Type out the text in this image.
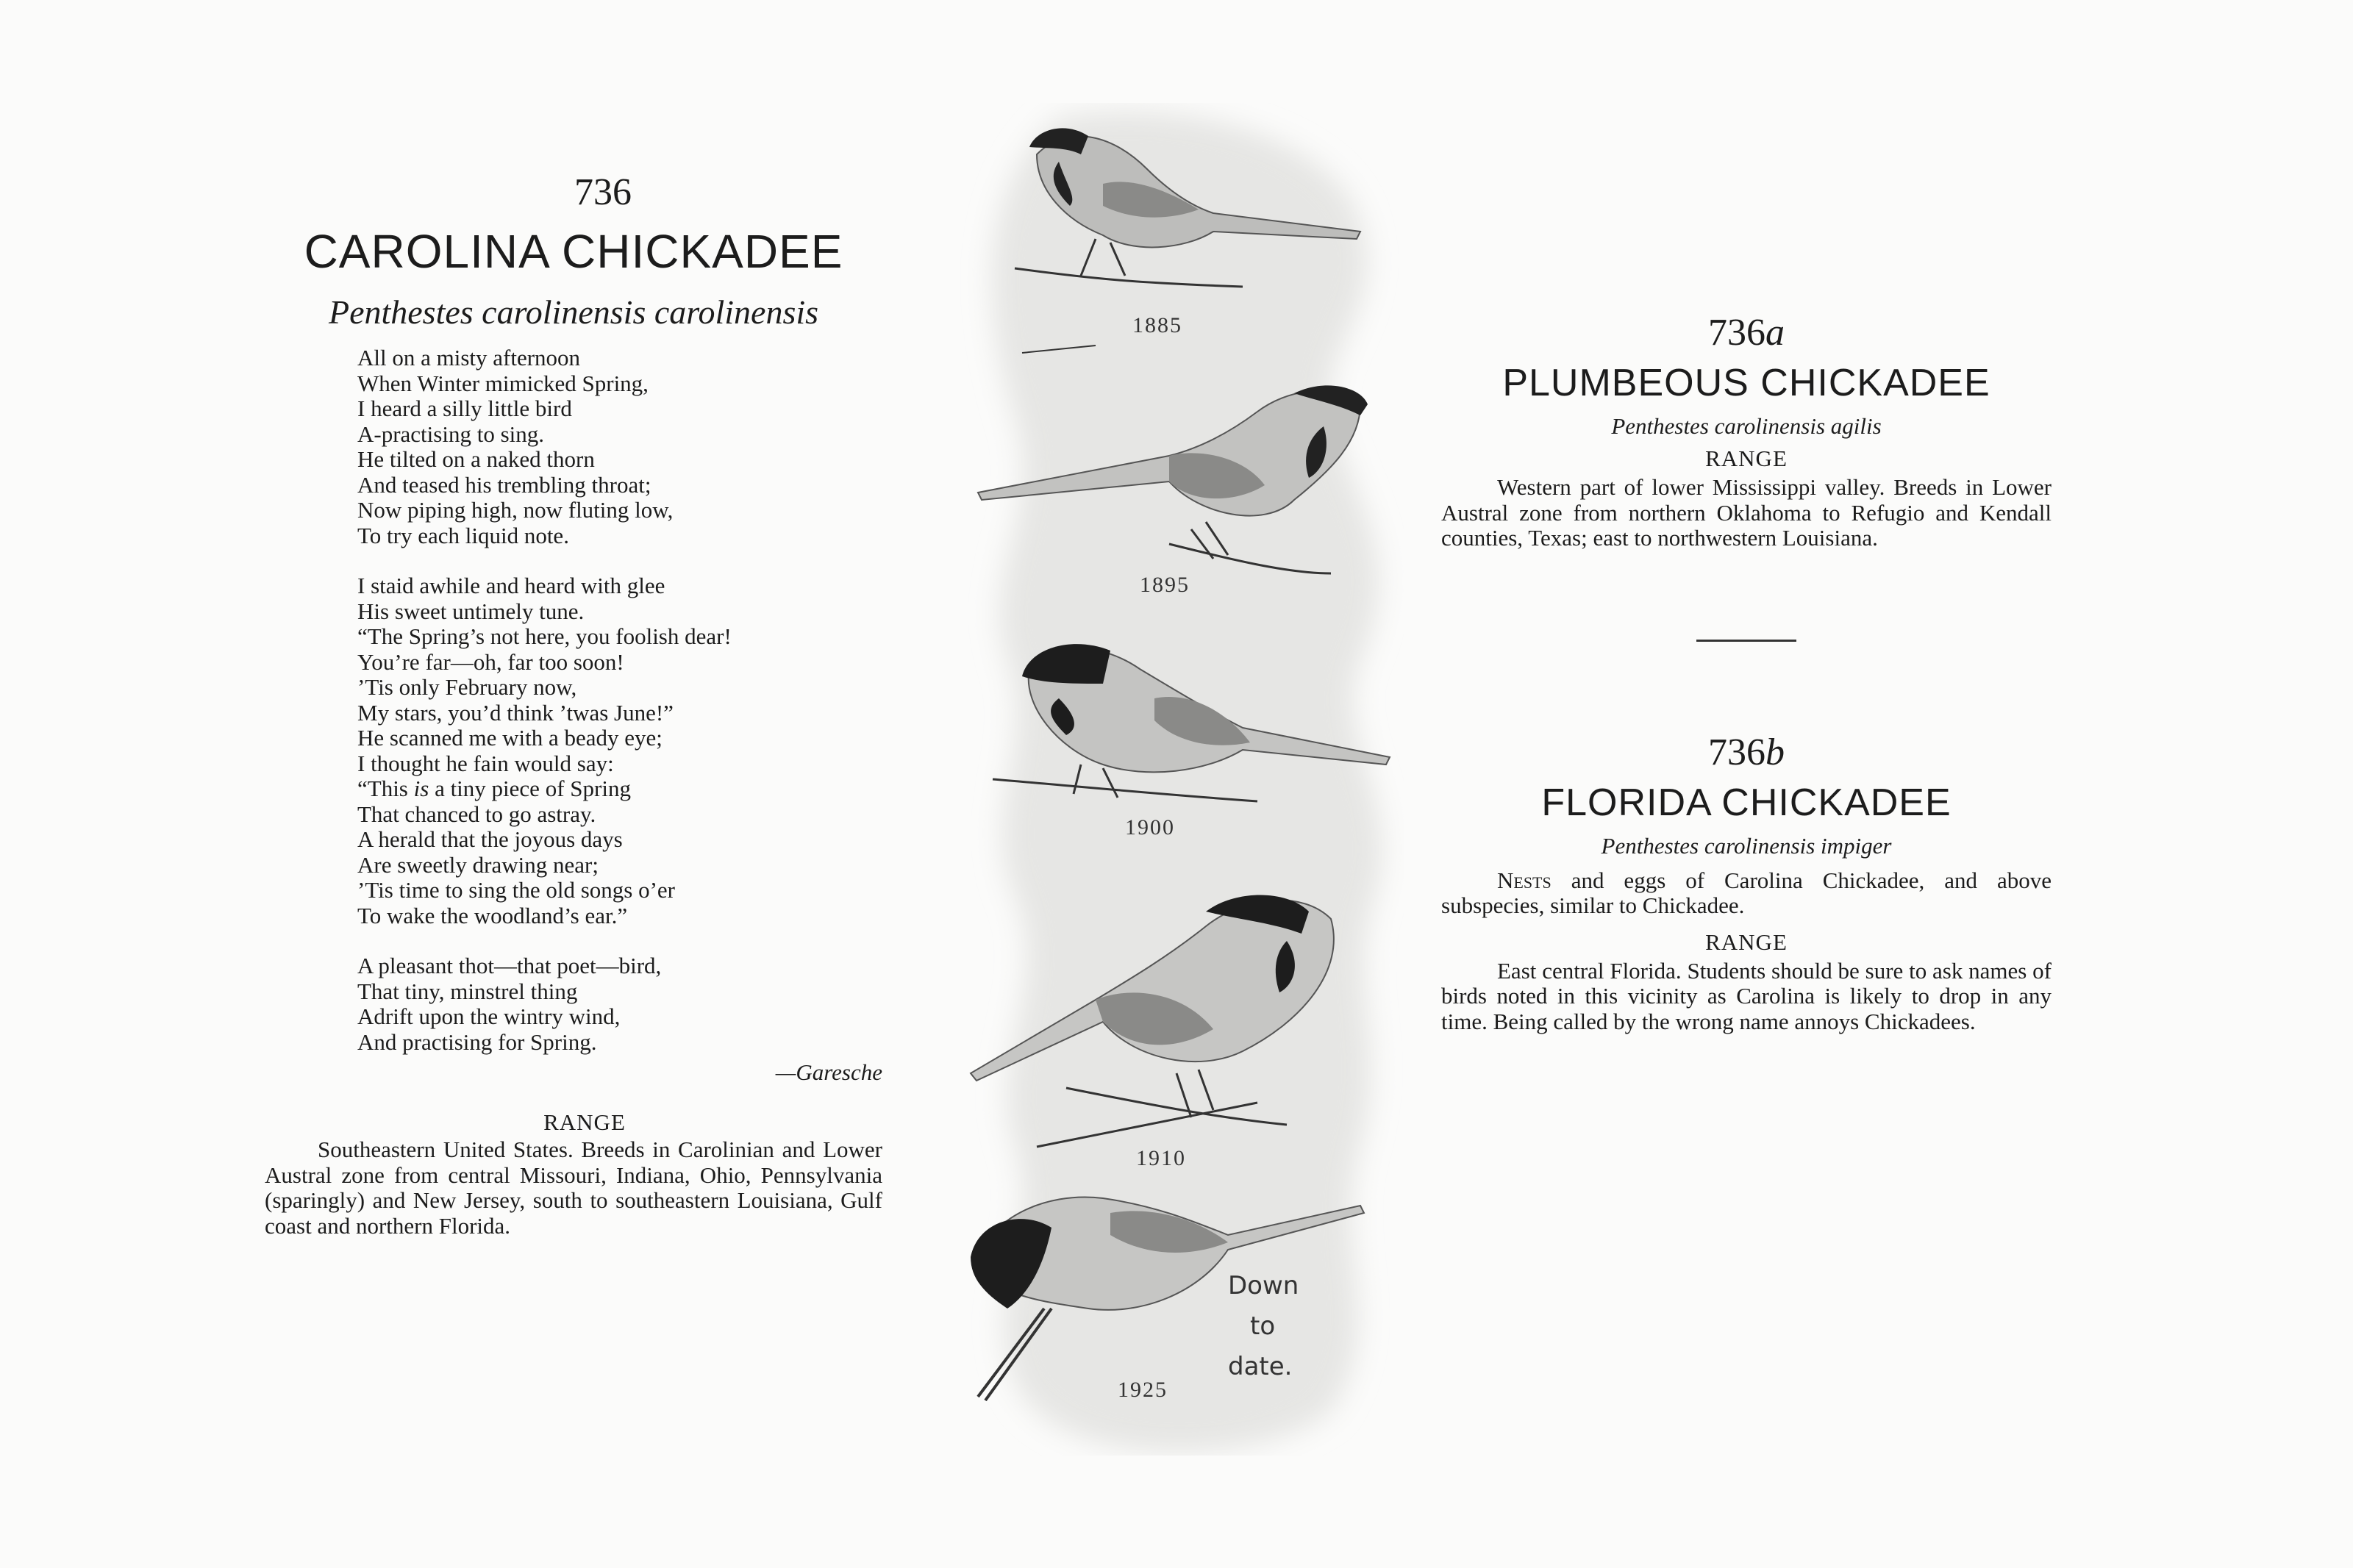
736
CAROLINA CHICKADEE
Penthestes carolinensis carolinensis
All on a misty afternoon
When Winter mimicked Spring,
I heard a silly little bird
A-practising to sing.
He tilted on a naked thorn
And teased his trembling throat;
Now piping high, now fluting low,
To try each liquid note.
I staid awhile and heard with glee
His sweet untimely tune.
“The Spring’s not here, you foolish dear!
You’re far—oh, far too soon!
’Tis only February now,
My stars, you’d think ’twas June!”
He scanned me with a beady eye;
I thought he fain would say:
“This is a tiny piece of Spring
That chanced to go astray.
A herald that the joyous days
Are sweetly drawing near;
’Tis time to sing the old songs o’er
To wake the woodland’s ear.”
A pleasant thot—that poet—bird,
That tiny, minstrel thing
Adrift upon the wintry wind,
And practising for Spring.
—Garesche
RANGE

Southeastern United States. Breeds in Carolinian and Lower Austral zone from central Missouri, Indiana, Ohio, Pennsylvania (sparingly) and New Jersey, south to southeastern Louisiana, Gulf coast and northern Florida.

1885
1895
1900
1910
1925
Down
to
date.
736a
PLUMBEOUS CHICKADEE
Penthestes carolinensis agilis
RANGE

Western part of lower Mississippi valley. Breeds in Lower Austral zone from northern Oklahoma to Refugio and Kendall counties, Texas; east to northwestern Louisiana.

736b
FLORIDA CHICKADEE
Penthestes carolinensis impiger

Nests and eggs of Carolina Chickadee, and above subspecies, similar to Chickadee.

RANGE

East central Florida. Students should be sure to ask names of birds noted in this vicinity as Carolina is likely to drop in any time. Being called by the wrong name annoys Chickadees.
